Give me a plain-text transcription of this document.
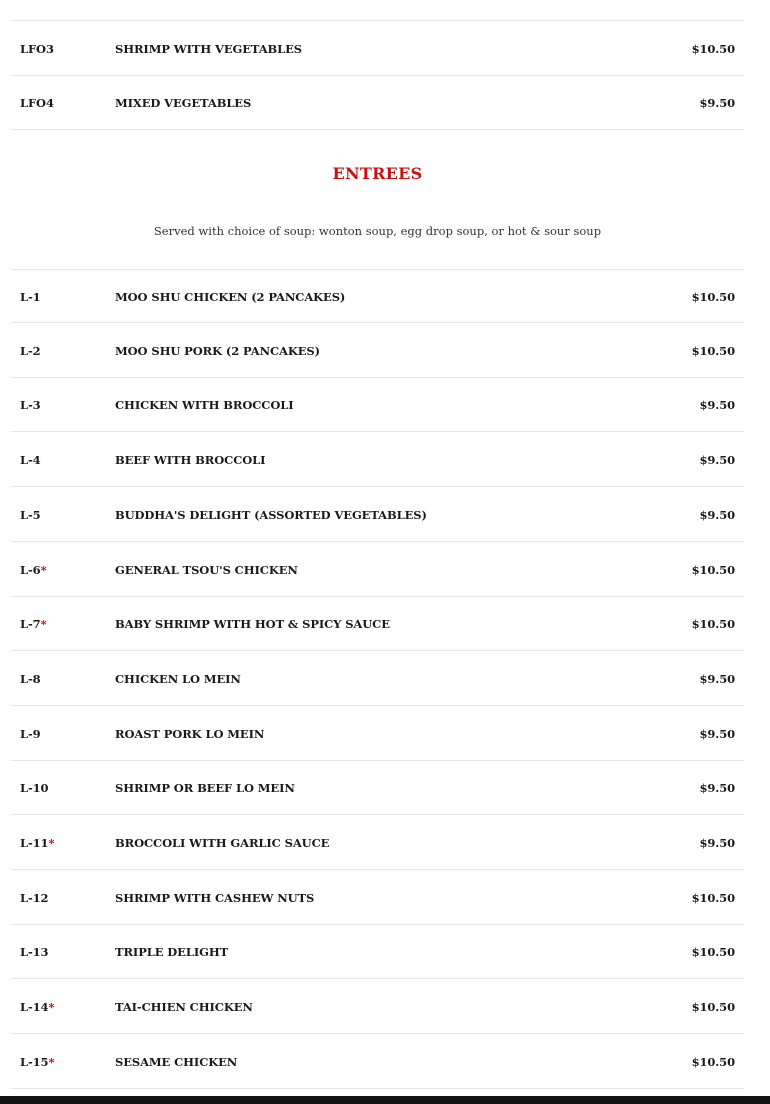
LFO3	SHRIMP WITH VEGETABLES	$10.50
LFO4	MIXED VEGETABLES	$9.50
ENTREES
Served with choice of soup: wonton soup, egg drop soup, or hot & sour soup
L-1	MOO SHU CHICKEN (2 PANCAKES)	$10.50
L-2	MOO SHU PORK (2 PANCAKES)	$10.50
L-3	CHICKEN WITH BROCCOLI	$9.50
L-4	BEEF WITH BROCCOLI	$9.50
L-5	BUDDHA'S DELIGHT (ASSORTED VEGETABLES)	$9.50
L-6*	GENERAL TSOU'S CHICKEN	$10.50
L-7*	BABY SHRIMP WITH HOT & SPICY SAUCE	$10.50
L-8	CHICKEN LO MEIN	$9.50
L-9	ROAST PORK LO MEIN	$9.50
L-10	SHRIMP OR BEEF LO MEIN	$9.50
L-11*	BROCCOLI WITH GARLIC SAUCE	$9.50
L-12	SHRIMP WITH CASHEW NUTS	$10.50
L-13	TRIPLE DELIGHT	$10.50
L-14*	TAI-CHIEN CHICKEN	$10.50
L-15*	SESAME CHICKEN	$10.50
